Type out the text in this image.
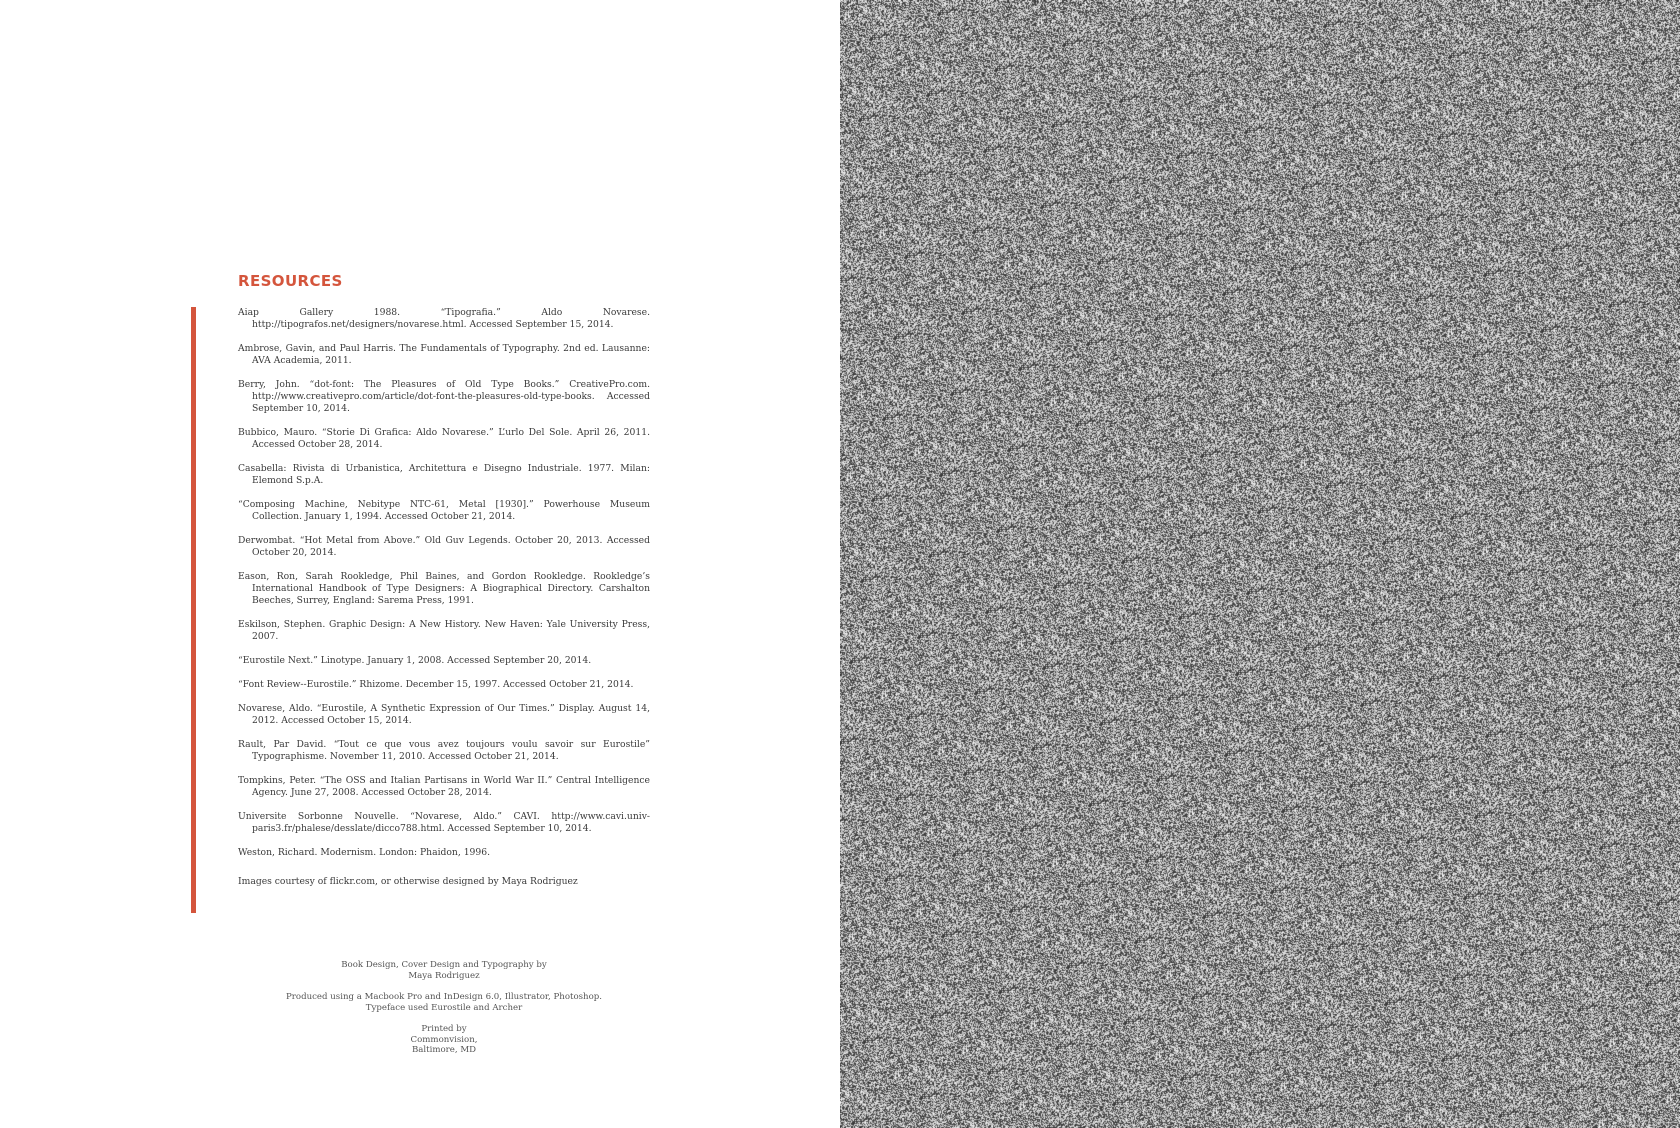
RESOURCES

Aiap Gallery 1988. “Tipografia.” Aldo Novarese. http://tipografos.net/designers/novarese.html. Accessed September 15, 2014.

Ambrose, Gavin, and Paul Harris. The Fundamentals of Typography. 2nd ed. Lausanne: AVA Academia, 2011.

Berry, John. “dot-font: The Pleasures of Old Type Books.” CreativePro.com. http://www.creativepro.com/article/dot-font-the-pleasures-old-type-books. Accessed September 10, 2014.

Bubbico, Mauro. “Storie Di Grafica: Aldo Novarese.” L’urlo Del Sole. April 26, 2011. Accessed October 28, 2014.

Casabella: Rivista di Urbanistica, Architettura e Disegno Industriale. 1977. Milan: Elemond S.p.A.

“Composing Machine, Nebitype NTC-61, Metal [1930].” Powerhouse Museum Collection. January 1, 1994. Accessed October 21, 2014.

Derwombat. “Hot Metal from Above.” Old Guv Legends. October 20, 2013. Accessed October 20, 2014.

Eason, Ron, Sarah Rookledge, Phil Baines, and Gordon Rookledge. Rookledge’s International Handbook of Type Designers: A Biographical Directory. Carshalton Beeches, Surrey, England: Sarema Press, 1991.

Eskilson, Stephen. Graphic Design: A New History. New Haven: Yale University Press, 2007.

“Eurostile Next.” Linotype. January 1, 2008. Accessed September 20, 2014.

“Font Review--Eurostile.” Rhizome. December 15, 1997. Accessed October 21, 2014.

Novarese, Aldo. “Eurostile, A Synthetic Expression of Our Times.” Display. August 14, 2012. Accessed October 15, 2014.

Rault, Par David. “Tout ce que vous avez toujours voulu savoir sur Eurostile” Typographisme. November 11, 2010. Accessed October 21, 2014.

Tompkins, Peter. “The OSS and Italian Partisans in World War II.” Central Intelligence Agency. June 27, 2008. Accessed October 28, 2014.

Universite Sorbonne Nouvelle. “Novarese, Aldo.” CAVI. http://www.cavi.univ-paris3.fr/phalese/desslate/dicco788.html. Accessed September 10, 2014.

Weston, Richard. Modernism. London: Phaidon, 1996.

Images courtesy of flickr.com, or otherwise designed by Maya Rodriguez
Book Design, Cover Design and Typography by
Maya Rodriguez
Produced using a Macbook Pro and InDesign 6.0, Illustrator, Photoshop.
Typeface used Eurostile and Archer
Printed by
Commonvision,
Baltimore, MD
